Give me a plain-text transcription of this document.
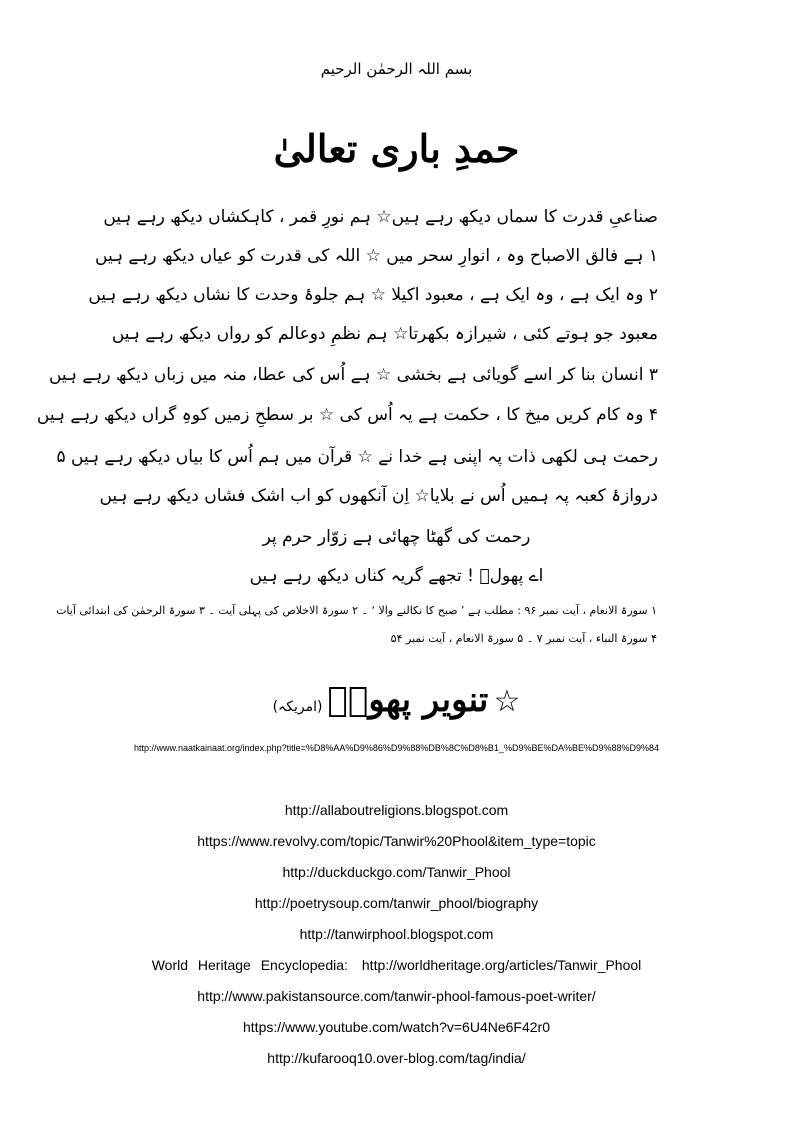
بسم اللہ الرحمٰن الرحیم
حمدِ باری تعالیٰ
صناعیِ قدرت کا سماں دیکھ رہے ہیں☆ ہم نورِ قمر ، کاہکشاں دیکھ رہے ہیں
۱ ہے فالق الاصباح وہ ، انوارِ سحر میں ☆ اللہ کی قدرت کو عیاں دیکھ رہے ہیں
۲ وہ ایک ہے ، وہ ایک ہے ، معبود اکیلا ☆ ہم جلوۂ وحدت کا نشاں دیکھ رہے ہیں
معبود جو ہوتے کئی ، شیرازہ بکھرتا☆ ہم نظمِ دوعالم کو رواں دیکھ رہے ہیں
۳ انسان بنا کر اسے گویائی ہے بخشی ☆ ہے اُس کی عطا، منہ میں زباں دیکھ رہے ہیں
۴ وہ کام کریں میخ کا ، حکمت ہے یہ اُس کی ☆ بر سطحِ زمیں کوہِ گراں دیکھ رہے ہیں
رحمت ہی لکھی ذات پہ اپنی ہے خدا نے ☆ قرآن میں ہم اُس کا بیاں دیکھ رہے ہیں ۵
دروازۂ کعبہ پہ ہمیں اُس نے بلایا☆ اِن آنکھوں کو اب اشک فشاں دیکھ رہے ہیں
رحمت کی گھٹا چھائی ہے زوّار حرم پر
اے پھولؔ ! تجھے گریہ کناں دیکھ رہے ہیں
۱ سورۃ الانعام ، آیت نمبر ۹۶ : مطلب ہے ’ صبح کا نکالنے والا ‘ ۔ ۲ سورۃ الاخلاص کی پہلی آیت ۔ ۳ سورۃ الرحمٰن کی ابتدائی آیات
۴ سورۃ النباء ، آیت نمبر ۷ ۔ ۵ سورۃ الانعام ، آیت نمبر ۵۴
☆ تنویر پھولؔ (امریکہ)
http://www.naatkainaat.org/index.php?title=%D8%AA%D9%86%D9%88%DB%8C%D8%B1_%D9%BE%DA%BE%D9%88%D9%84
http://allaboutreligions.blogspot.com
https://www.revolvy.com/topic/Tanwir%20Phool&item_type=topic
http://duckduckgo.com/Tanwir_Phool
http://poetrysoup.com/tanwir_phool/biography
http://tanwirphool.blogspot.com
World Heritage Encyclopedia: http://worldheritage.org/articles/Tanwir_Phool
http://www.pakistansource.com/tanwir-phool-famous-poet-writer/
https://www.youtube.com/watch?v=6U4Ne6F42r0
http://kufarooq10.over-blog.com/tag/india/
